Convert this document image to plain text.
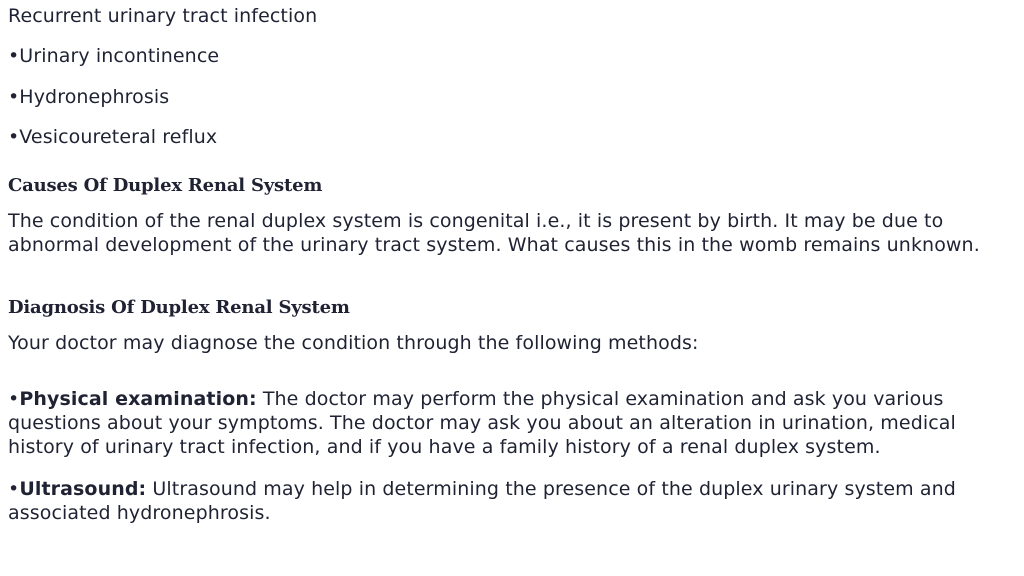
Recurrent urinary tract infection

•Urinary incontinence

•Hydronephrosis

•Vesicoureteral reflux

Causes Of Duplex Renal System

The condition of the renal duplex system is congenital i.e., it is present by birth. It may be due to abnormal development of the urinary tract system. What causes this in the womb remains unknown.

Diagnosis Of Duplex Renal System

Your doctor may diagnose the condition through the following methods:

•Physical examination: The doctor may perform the physical examination and ask you various questions about your symptoms. The doctor may ask you about an alteration in urination, medical history of urinary tract infection, and if you have a family history of a renal duplex system.

•Ultrasound: Ultrasound may help in determining the presence of the duplex urinary system and associated hydronephrosis.
